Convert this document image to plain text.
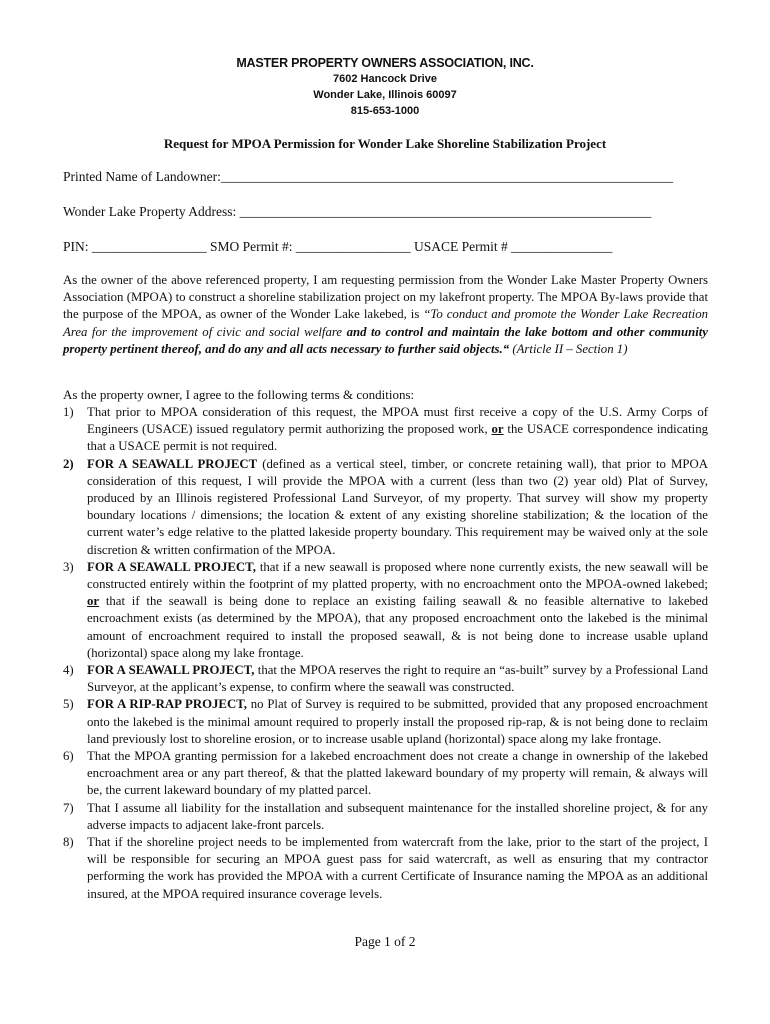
MASTER PROPERTY OWNERS ASSOCIATION, INC.
7602 Hancock Drive
Wonder Lake, Illinois 60097
815-653-1000
Request for MPOA Permission for Wonder Lake Shoreline Stabilization Project
Printed Name of Landowner:___________________________________________________________________
Wonder Lake Property Address: _____________________________________________________________
PIN: _________________ SMO Permit #: _________________ USACE Permit # _______________
As the owner of the above referenced property, I am requesting permission from the Wonder Lake Master Property Owners Association (MPOA) to construct a shoreline stabilization project on my lakefront property. The MPOA By-laws provide that the purpose of the MPOA, as owner of the Wonder Lake lakebed, is “To conduct and promote the Wonder Lake Recreation Area for the improvement of civic and social welfare and to control and maintain the lake bottom and other community property pertinent thereof, and do any and all acts necessary to further said objects.“ (Article II – Section 1)
As the property owner, I agree to the following terms & conditions:
1) That prior to MPOA consideration of this request, the MPOA must first receive a copy of the U.S. Army Corps of Engineers (USACE) issued regulatory permit authorizing the proposed work, or the USACE correspondence indicating that a USACE permit is not required.
2) FOR A SEAWALL PROJECT (defined as a vertical steel, timber, or concrete retaining wall), that prior to MPOA consideration of this request, I will provide the MPOA with a current (less than two (2) year old) Plat of Survey, produced by an Illinois registered Professional Land Surveyor, of my property. That survey will show my property boundary locations / dimensions; the location & extent of any existing shoreline stabilization; & the location of the current water’s edge relative to the platted lakeside property boundary. This requirement may be waived only at the sole discretion & written confirmation of the MPOA.
3) FOR A SEAWALL PROJECT, that if a new seawall is proposed where none currently exists, the new seawall will be constructed entirely within the footprint of my platted property, with no encroachment onto the MPOA-owned lakebed; or that if the seawall is being done to replace an existing failing seawall & no feasible alternative to lakebed encroachment exists (as determined by the MPOA), that any proposed encroachment onto the lakebed is the minimal amount of encroachment required to install the proposed seawall, & is not being done to increase usable upland (horizontal) space along my lake frontage.
4) FOR A SEAWALL PROJECT, that the MPOA reserves the right to require an “as-built” survey by a Professional Land Surveyor, at the applicant’s expense, to confirm where the seawall was constructed.
5) FOR A RIP-RAP PROJECT, no Plat of Survey is required to be submitted, provided that any proposed encroachment onto the lakebed is the minimal amount required to properly install the proposed rip-rap, & is not being done to reclaim land previously lost to shoreline erosion, or to increase usable upland (horizontal) space along my lake frontage.
6) That the MPOA granting permission for a lakebed encroachment does not create a change in ownership of the lakebed encroachment area or any part thereof, & that the platted lakeward boundary of my property will remain, & always will be, the current lakeward boundary of my platted parcel.
7) That I assume all liability for the installation and subsequent maintenance for the installed shoreline project, & for any adverse impacts to adjacent lake-front parcels.
8) That if the shoreline project needs to be implemented from watercraft from the lake, prior to the start of the project, I will be responsible for securing an MPOA guest pass for said watercraft, as well as ensuring that my contractor performing the work has provided the MPOA with a current Certificate of Insurance naming the MPOA as an additional insured, at the MPOA required insurance coverage levels.
Page 1 of 2
